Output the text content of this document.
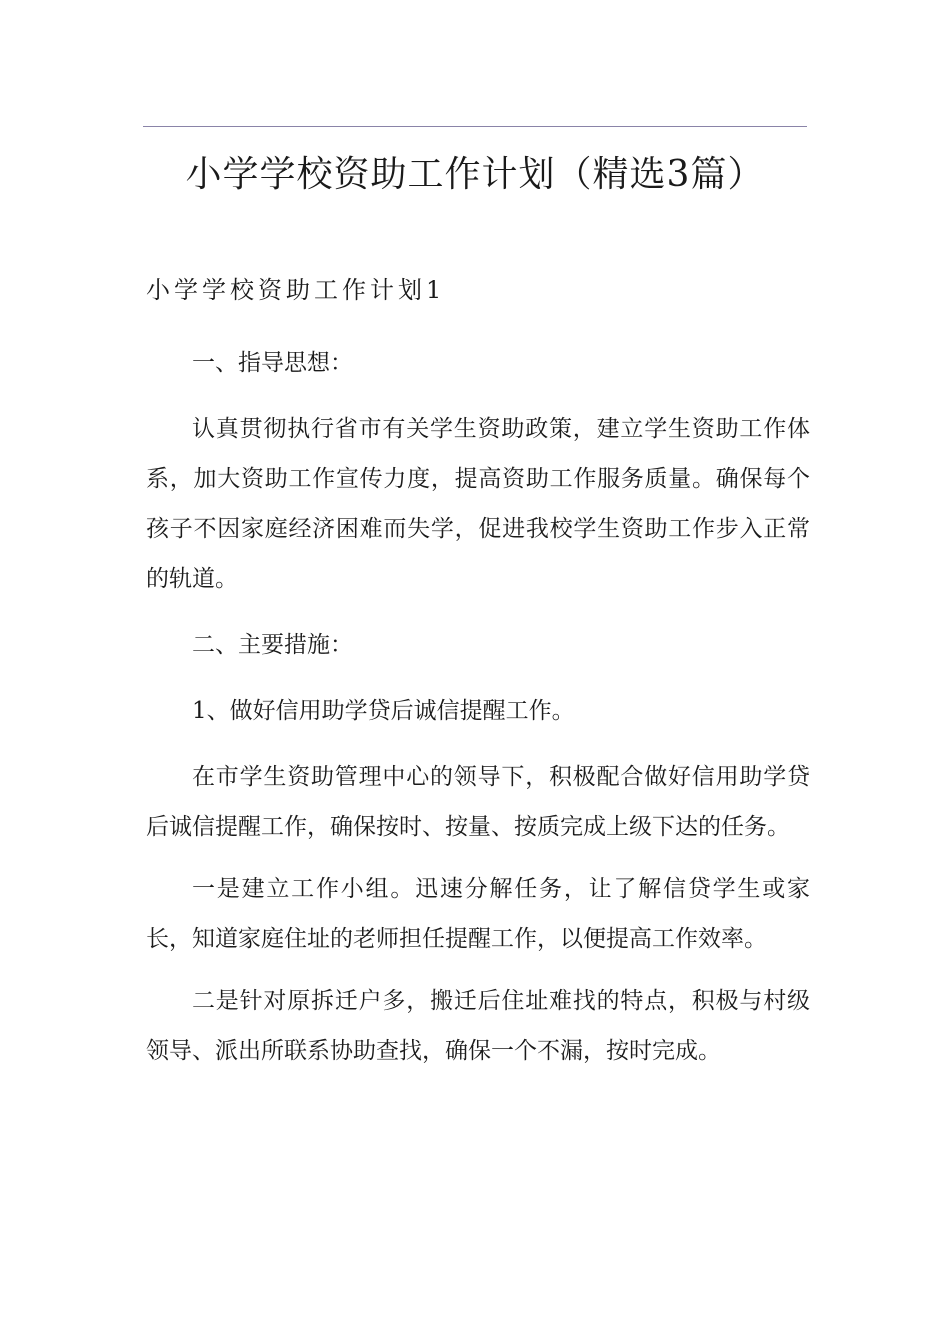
小学学校资助工作计划（精选3篇）
小学学校资助工作计划1

一、指导思想：

认真贯彻执行省市有关学生资助政策，建立学生资助工作体系，加大资助工作宣传力度，提高资助工作服务质量。确保每个孩子不因家庭经济困难而失学，促进我校学生资助工作步入正常的轨道。

二、主要措施：

1、做好信用助学贷后诚信提醒工作。

在市学生资助管理中心的领导下，积极配合做好信用助学贷后诚信提醒工作，确保按时、按量、按质完成上级下达的任务。

一是建立工作小组。迅速分解任务，让了解信贷学生或家长，知道家庭住址的老师担任提醒工作，以便提高工作效率。

二是针对原拆迁户多，搬迁后住址难找的特点，积极与村级领导、派出所联系协助查找，确保一个不漏，按时完成。
